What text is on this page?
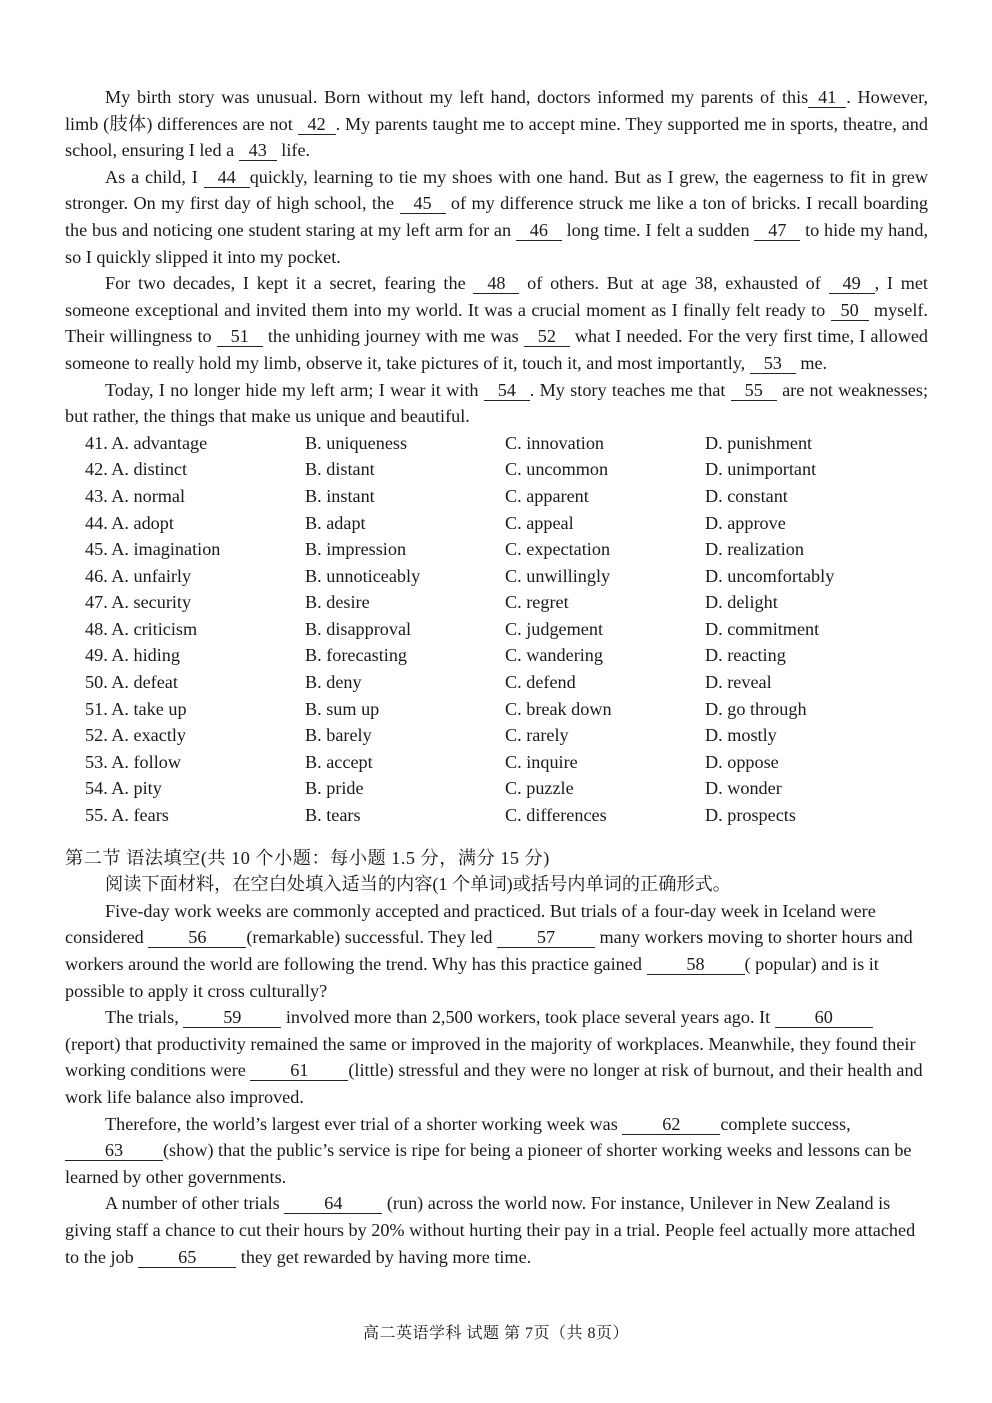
My birth story was unusual. Born without my left hand, doctors informed my parents of this 41 . However, limb (肢体) differences are not 42 . My parents taught me to accept mine. They supported me in sports, theatre, and school, ensuring I led a 43 life.

As a child, I 44 quickly, learning to tie my shoes with one hand. But as I grew, the eagerness to fit in grew stronger. On my first day of high school, the 45 of my difference struck me like a ton of bricks. I recall boarding the bus and noticing one student staring at my left arm for an 46 long time. I felt a sudden 47 to hide my hand, so I quickly slipped it into my pocket.

For two decades, I kept it a secret, fearing the 48 of others. But at age 38, exhausted of 49 , I met someone exceptional and invited them into my world. It was a crucial moment as I finally felt ready to 50 myself. Their willingness to 51 the unhiding journey with me was 52 what I needed. For the very first time, I allowed someone to really hold my limb, observe it, take pictures of it, touch it, and most importantly, 53 me.

Today, I no longer hide my left arm; I wear it with 54 . My story teaches me that 55 are not weaknesses; but rather, the things that make us unique and beautiful.

41. A. advantage	B. uniqueness	C. innovation	D. punishment
42. A. distinct	B. distant	C. uncommon	D. unimportant
43. A. normal	B. instant	C. apparent	D. constant
44. A. adopt	B. adapt	C. appeal	D. approve
45. A. imagination	B. impression	C. expectation	D. realization
46. A. unfairly	B. unnoticeably	C. unwillingly	D. uncomfortably
47. A. security	B. desire	C. regret	D. delight
48. A. criticism	B. disapproval	C. judgement	D. commitment
49. A. hiding	B. forecasting	C. wandering	D. reacting
50. A. defeat	B. deny	C. defend	D. reveal
51. A. take up	B. sum up	C. break down	D. go through
52. A. exactly	B. barely	C. rarely	D. mostly
53. A. follow	B. accept	C. inquire	D. oppose
54. A. pity	B. pride	C. puzzle	D. wonder
55. A. fears	B. tears	C. differences	D. prospects

第二节 语法填空(共 10 个小题：每小题 1.5 分，满分 15 分)

阅读下面材料，在空白处填入适当的内容(1 个单词)或括号内单词的正确形式。

Five-day work weeks are commonly accepted and practiced. But trials of a four-day week in Iceland were considered 56 (remarkable) successful. They led 57 many workers moving to shorter hours and workers around the world are following the trend. Why has this practice gained 58 ( popular) and is it possible to apply it cross culturally?

The trials, 59 involved more than 2,500 workers, took place several years ago. It 60 (report) that productivity remained the same or improved in the majority of workplaces. Meanwhile, they found their working conditions were 61 (little) stressful and they were no longer at risk of burnout, and their health and work life balance also improved.

Therefore, the world’s largest ever trial of a shorter working week was 62 complete success, 63 (show) that the public’s service is ripe for being a pioneer of shorter working weeks and lessons can be learned by other governments.

A number of other trials 64 (run) across the world now. For instance, Unilever in New Zealand is giving staff a chance to cut their hours by 20% without hurting their pay in a trial. People feel actually more attached to the job 65 they get rewarded by having more time.

高二英语学科 试题 第 7页（共 8页）
